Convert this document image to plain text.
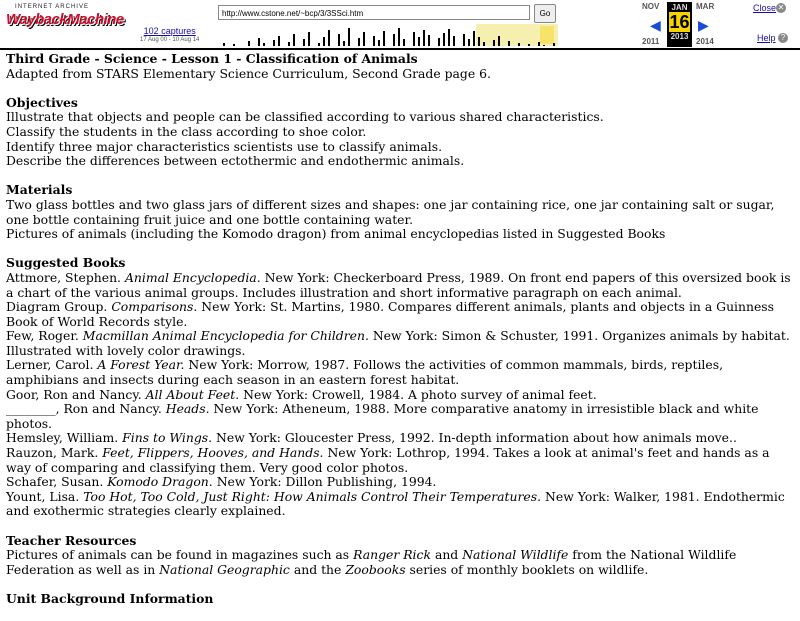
INTERNET ARCHIVE
WaybackMachine
102 captures
17 Aug 00 - 10 Aug 14
http://www.cstone.net/~bcp/3/3SSci.htm	Go
NOV
◀
2011
JAN
16
2013
▶
MAR
2014
Close ✕
Help ?

Third Grade - Science - Lesson 1 - Classification of Animals

Adapted from STARS Elementary Science Curriculum, Second Grade page 6.

Objectives

Illustrate that objects and people can be classified according to various shared characteristics.

Classify the students in the class according to shoe color.

Identify three major characteristics scientists use to classify animals.

Describe the differences between ectothermic and endothermic animals.

Materials

Two glass bottles and two glass jars of different sizes and shapes: one jar containing rice, one jar containing salt or sugar, one bottle containing fruit juice and one bottle containing water.

Pictures of animals (including the Komodo dragon) from animal encyclopedias listed in Suggested Books

Suggested Books

Attmore, Stephen. Animal Encyclopedia. New York: Checkerboard Press, 1989. On front end papers of this oversized book is a chart of the various animal groups. Includes illustration and short informative paragraph on each animal.

Diagram Group. Comparisons. New York: St. Martins, 1980. Compares different animals, plants and objects in a Guinness Book of World Records style.

Few, Roger. Macmillan Animal Encyclopedia for Children. New York: Simon & Schuster, 1991. Organizes animals by habitat. Illustrated with lovely color drawings.

Lerner, Carol. A Forest Year. New York: Morrow, 1987. Follows the activities of common mammals, birds, reptiles, amphibians and insects during each season in an eastern forest habitat.

Goor, Ron and Nancy. All About Feet. New York: Crowell, 1984. A photo survey of animal feet.

________, Ron and Nancy. Heads. New York: Atheneum, 1988. More comparative anatomy in irresistible black and white photos.

Hemsley, William. Fins to Wings. New York: Gloucester Press, 1992. In-depth information about how animals move..

Rauzon, Mark. Feet, Flippers, Hooves, and Hands. New York: Lothrop, 1994. Takes a look at animal's feet and hands as a way of comparing and classifying them. Very good color photos.

Schafer, Susan. Komodo Dragon. New York: Dillon Publishing, 1994.

Yount, Lisa. Too Hot, Too Cold, Just Right: How Animals Control Their Temperatures. New York: Walker, 1981. Endothermic and exothermic strategies clearly explained.

Teacher Resources

Pictures of animals can be found in magazines such as Ranger Rick and National Wildlife from the National Wildlife Federation as well as in National Geographic and the Zoobooks series of monthly booklets on wildlife.

Unit Background Information
